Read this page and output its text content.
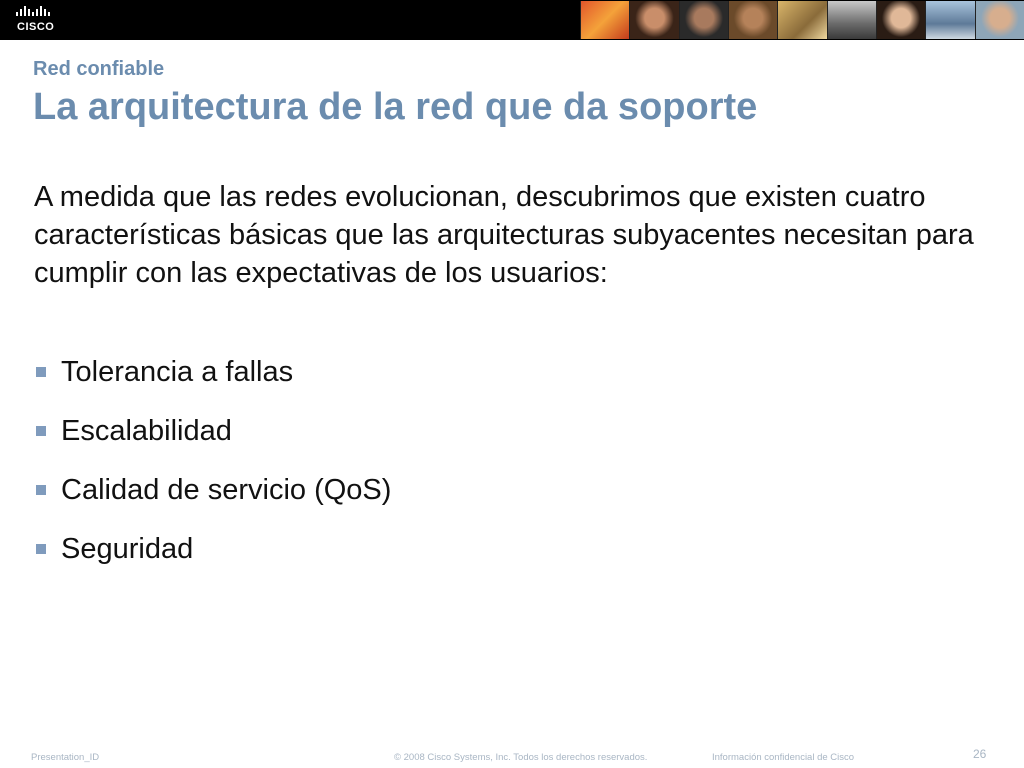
CISCO
Red confiable
La arquitectura de la red que da soporte
A medida que las redes evolucionan, descubrimos que existen cuatro características básicas que las arquitecturas subyacentes necesitan para cumplir con las expectativas de los usuarios:
Tolerancia a fallas
Escalabilidad
Calidad de servicio (QoS)
Seguridad
Presentation_ID	© 2008 Cisco Systems, Inc. Todos los derechos reservados.	Información confidencial de Cisco	26
